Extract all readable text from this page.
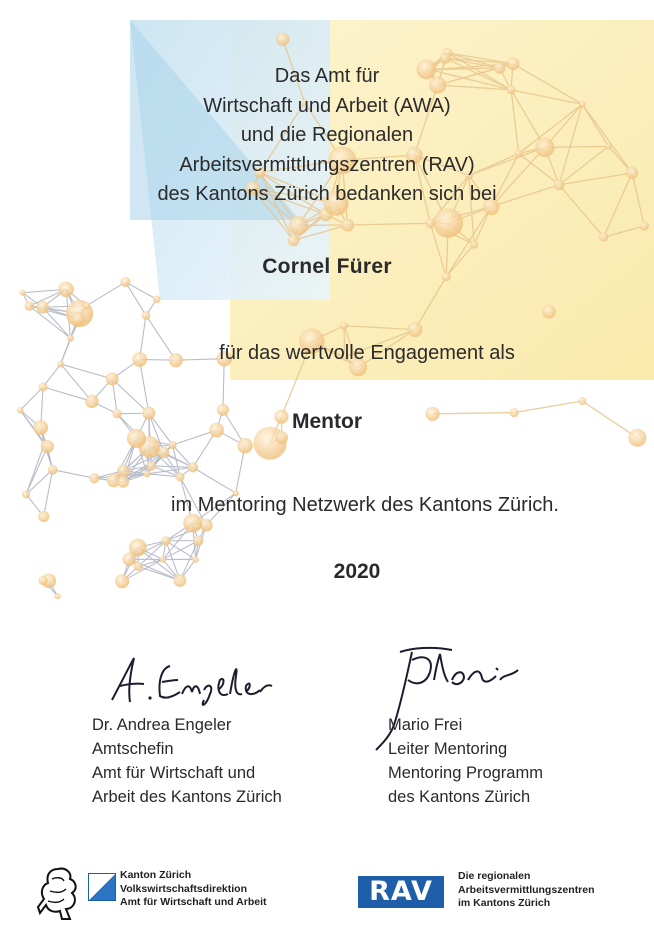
Das Amt für
Wirtschaft und Arbeit (AWA)
und die Regionalen
Arbeitsvermittlungszentren (RAV)
des Kantons Zürich bedanken sich bei
Cornel Fürer
für das wertvolle Engagement als
Mentor
im Mentoring Netzwerk des Kantons Zürich.
2020
Dr. Andrea Engeler
Amtschefin
Amt für Wirtschaft und
Arbeit des Kantons Zürich
Mario Frei
Leiter Mentoring
Mentoring Programm
des Kantons Zürich
Kanton Zürich
Volkswirtschaftsdirektion
Amt für Wirtschaft und Arbeit	RAV	Die regionalen
Arbeitsvermittlungszentren
im Kantons Zürich
